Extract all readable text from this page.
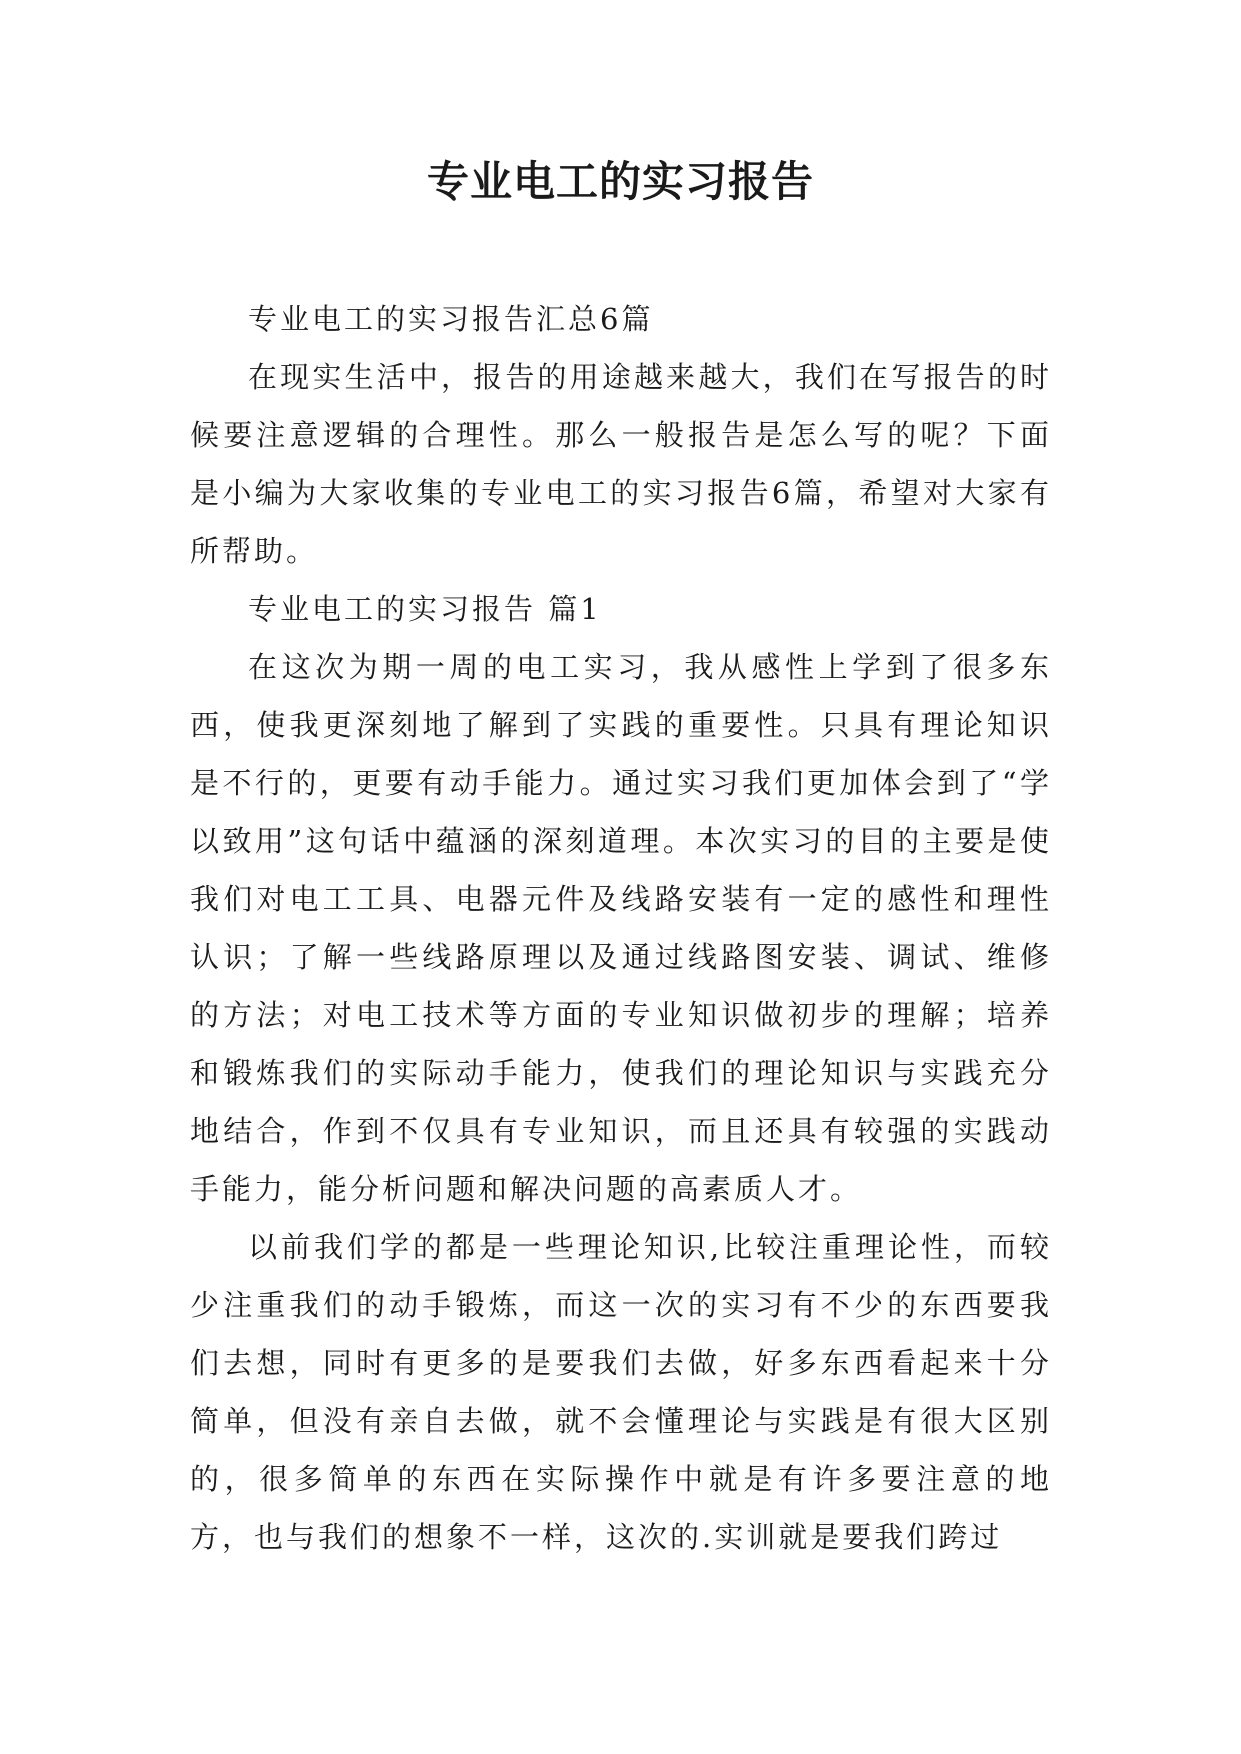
专业电工的实习报告

专业电工的实习报告汇总6篇

在现实生活中，报告的用途越来越大，我们在写报告的时候要注意逻辑的合理性。那么一般报告是怎么写的呢？下面是小编为大家收集的专业电工的实习报告6篇，希望对大家有所帮助。

专业电工的实习报告 篇1

在这次为期一周的电工实习，我从感性上学到了很多东西，使我更深刻地了解到了实践的重要性。只具有理论知识是不行的，更要有动手能力。通过实习我们更加体会到了“学以致用”这句话中蕴涵的深刻道理。本次实习的目的主要是使我们对电工工具、电器元件及线路安装有一定的感性和理性认识；了解一些线路原理以及通过线路图安装、调试、维修的方法；对电工技术等方面的专业知识做初步的理解；培养和锻炼我们的实际动手能力，使我们的理论知识与实践充分地结合，作到不仅具有专业知识，而且还具有较强的实践动手能力，能分析问题和解决问题的高素质人才。

以前我们学的都是一些理论知识,比较注重理论性，而较少注重我们的动手锻炼，而这一次的实习有不少的东西要我们去想，同时有更多的是要我们去做，好多东西看起来十分简单，但没有亲自去做，就不会懂理论与实践是有很大区别的，很多简单的东西在实际操作中就是有许多要注意的地方，也与我们的想象不一样，这次的.实训就是要我们跨过
